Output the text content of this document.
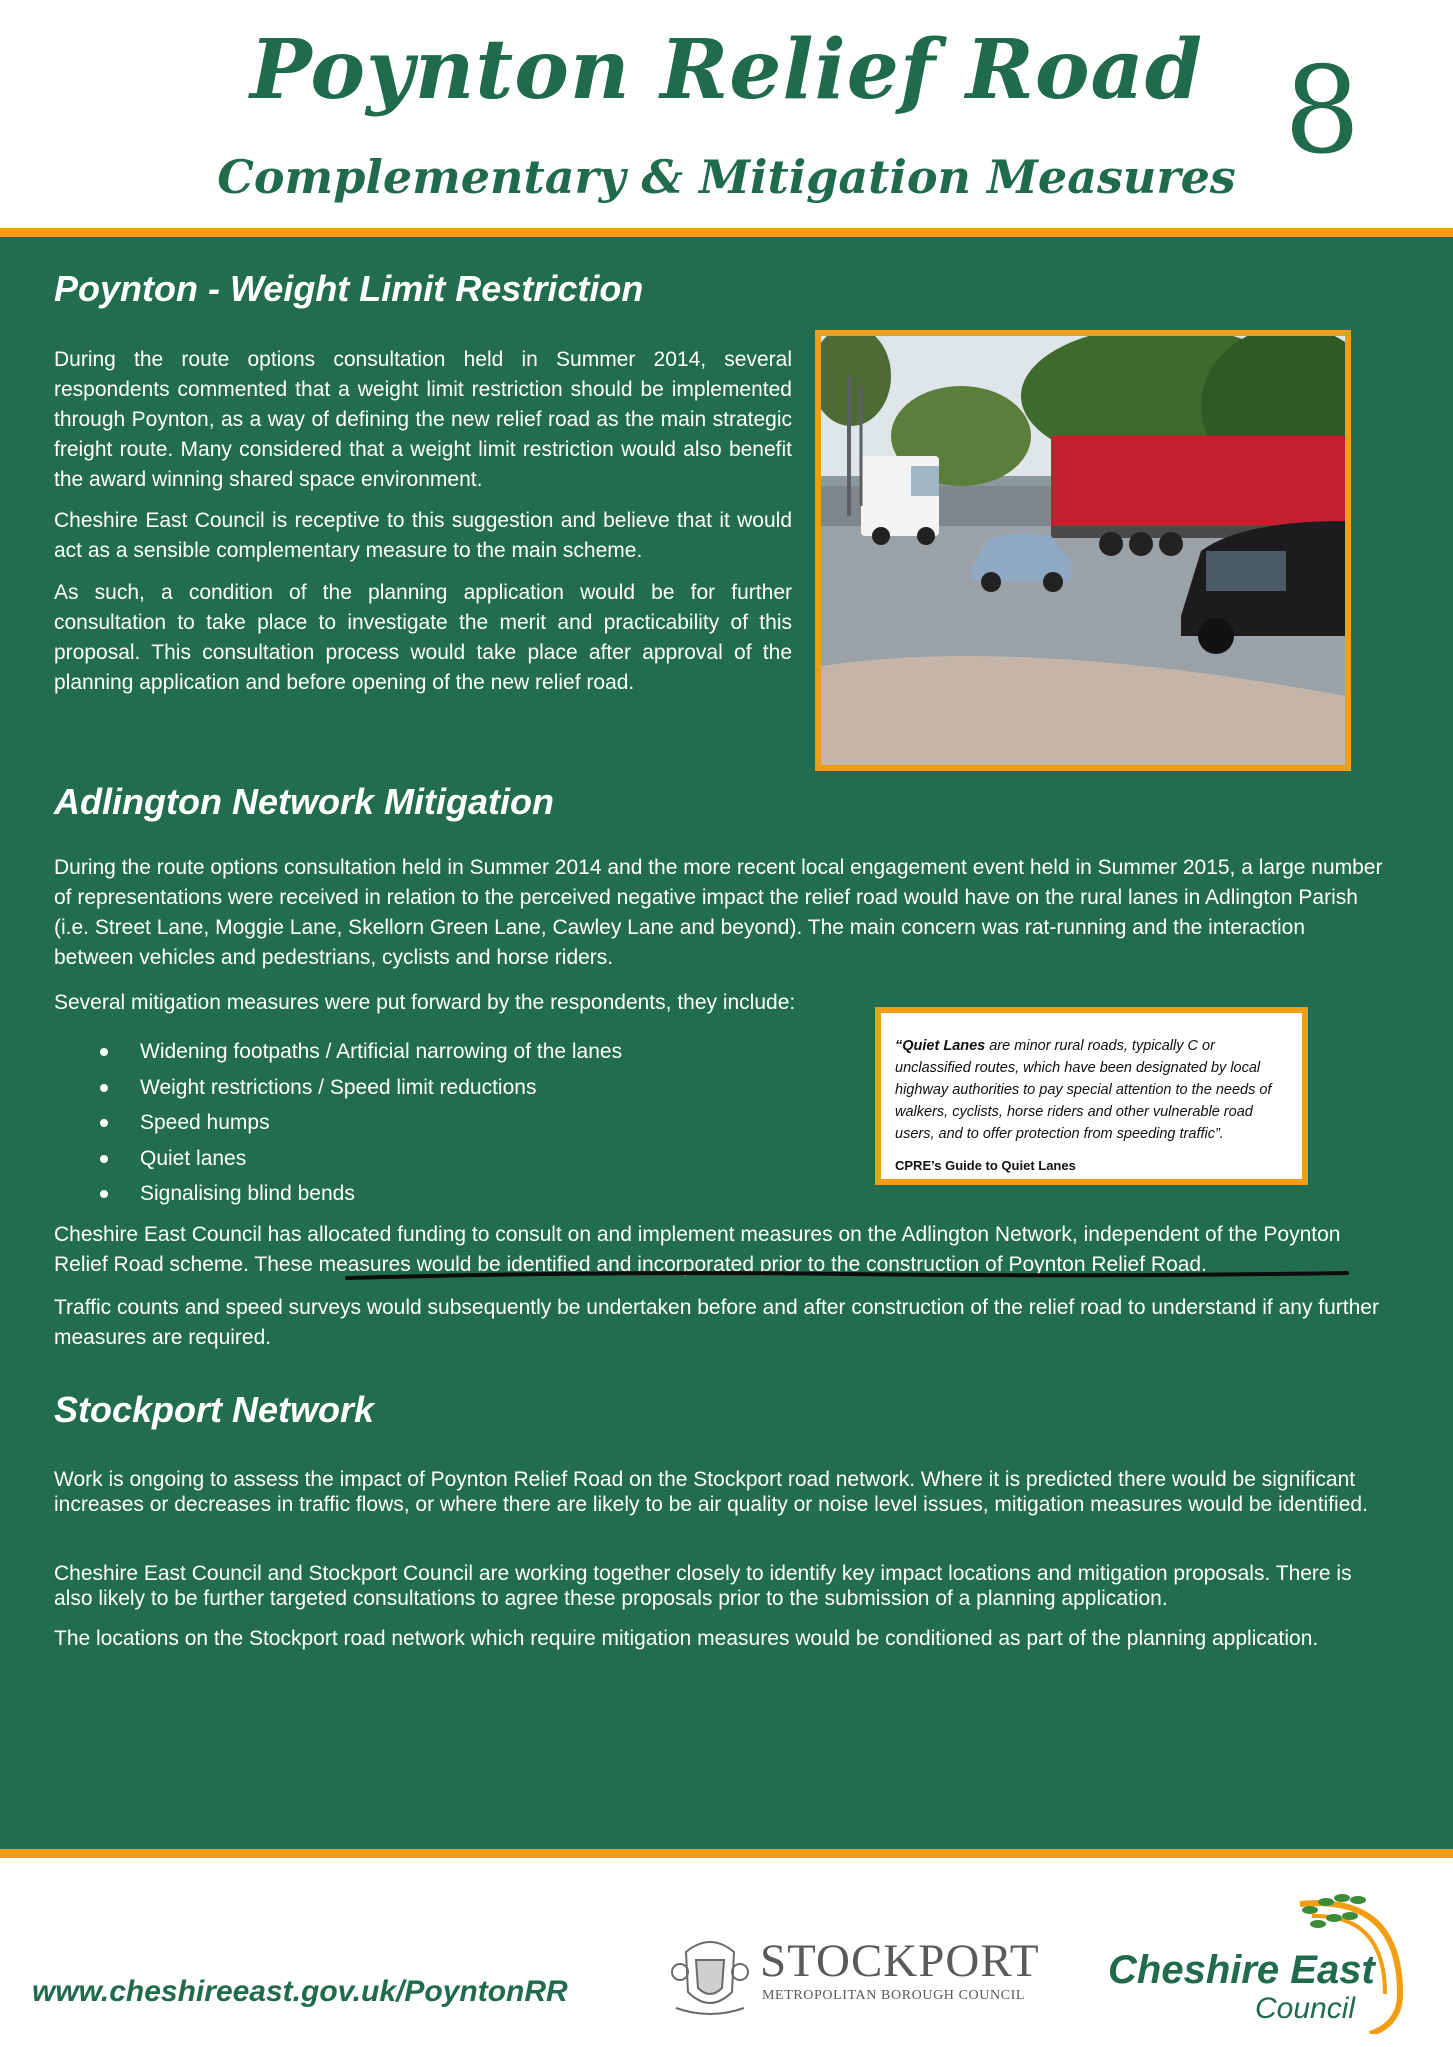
Poynton Relief Road
Complementary & Mitigation Measures 8
Poynton - Weight Limit Restriction

During the route options consultation held in Summer 2014, several respondents commented that a weight limit restriction should be implemented through Poynton, as a way of defining the new relief road as the main strategic freight route. Many considered that a weight limit restriction would also benefit the award winning shared space environment.

Cheshire East Council is receptive to this suggestion and believe that it would act as a sensible complementary measure to the main scheme.

As such, a condition of the planning application would be for further consultation to take place to investigate the merit and practicability of this proposal. This consultation process would take place after approval of the planning application and before opening of the new relief road.

Adlington Network Mitigation

During the route options consultation held in Summer 2014 and the more recent local engagement event held in Summer 2015, a large number of representations were received in relation to the perceived negative impact the relief road would have on the rural lanes in Adlington Parish (i.e. Street Lane, Moggie Lane, Skellorn Green Lane, Cawley Lane and beyond). The main concern was rat-running and the interaction between vehicles and pedestrians, cyclists and horse riders.

Several mitigation measures were put forward by the respondents, they include:

Widening footpaths / Artificial narrowing of the lanes
Weight restrictions / Speed limit reductions
Speed humps
Quiet lanes
Signalising blind bends

“Quiet Lanes are minor rural roads, typically C or unclassified routes, which have been designated by local highway authorities to pay special attention to the needs of walkers, cyclists, horse riders and other vulnerable road users, and to offer protection from speeding traffic”.

CPRE’s Guide to Quiet Lanes

Cheshire East Council has allocated funding to consult on and implement measures on the Adlington Network, independent of the Poynton Relief Road scheme. These measures would be identified and incorporated prior to the construction of Poynton Relief Road.

Traffic counts and speed surveys would subsequently be undertaken before and after construction of the relief road to understand if any further measures are required.

Stockport Network

Work is ongoing to assess the impact of Poynton Relief Road on the Stockport road network. Where it is predicted there would be significant increases or decreases in traffic flows, or where there are likely to be air quality or noise level issues, mitigation measures would be identified.

Cheshire East Council and Stockport Council are working together closely to identify key impact locations and mitigation proposals. There is also likely to be further targeted consultations to agree these proposals prior to the submission of a planning application.

The locations on the Stockport road network which require mitigation measures would be conditioned as part of the planning application.

www.cheshireeast.gov.uk/PoyntonRR
STOCKPORT
METROPOLITAN BOROUGH COUNCIL
Cheshire East
Council
